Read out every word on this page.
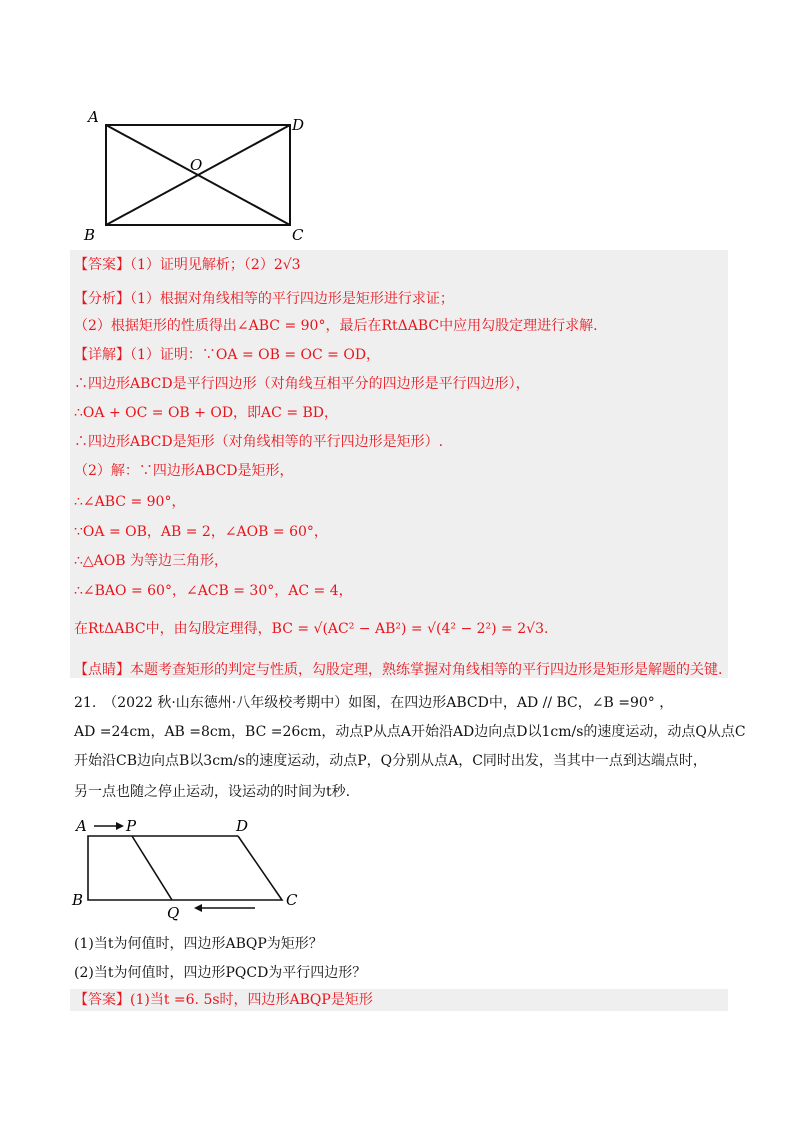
A	D
O
B	C
【答案】（1）证明见解析；（2）2√3
【分析】（1）根据对角线相等的平行四边形是矩形进行求证；
（2）根据矩形的性质得出∠ABC = 90°，最后在RtΔABC中应用勾股定理进行求解.
【详解】（1）证明：∵OA = OB = OC = OD，
∴四边形ABCD是平行四边形（对角线互相平分的四边形是平行四边形），
∴OA + OC = OB + OD，即AC = BD，
∴四边形ABCD是矩形（对角线相等的平行四边形是矩形）.
（2）解：∵四边形ABCD是矩形，
∴∠ABC = 90°，
∵OA = OB，AB = 2，∠AOB = 60°，
∴△AOB 为等边三角形，
∴∠BAO = 60°，∠ACB = 30°，AC = 4，
在RtΔABC中，由勾股定理得，BC = √(AC² − AB²) = √(4² − 2²) = 2√3.
【点睛】本题考查矩形的判定与性质，勾股定理，熟练掌握对角线相等的平行四边形是矩形是解题的关键.
21.　（2022 秋·山东德州·八年级校考期中）如图，在四边形ABCD中，AD // BC，∠B =90° ，
AD =24cm，AB =8cm，BC =26cm，动点P从点A开始沿AD边向点D以1cm/s的速度运动，动点Q从点C
开始沿CB边向点B以3cm/s的速度运动，动点P，Q分别从点A，C同时出发，当其中一点到达端点时，
另一点也随之停止运动，设运动的时间为t秒.
A	P	D
B
Q
C
(1)当t为何值时，四边形ABQP为矩形？
(2)当t为何值时，四边形PQCD为平行四边形？
【答案】(1)当t =6. 5s时，四边形ABQP是矩形
